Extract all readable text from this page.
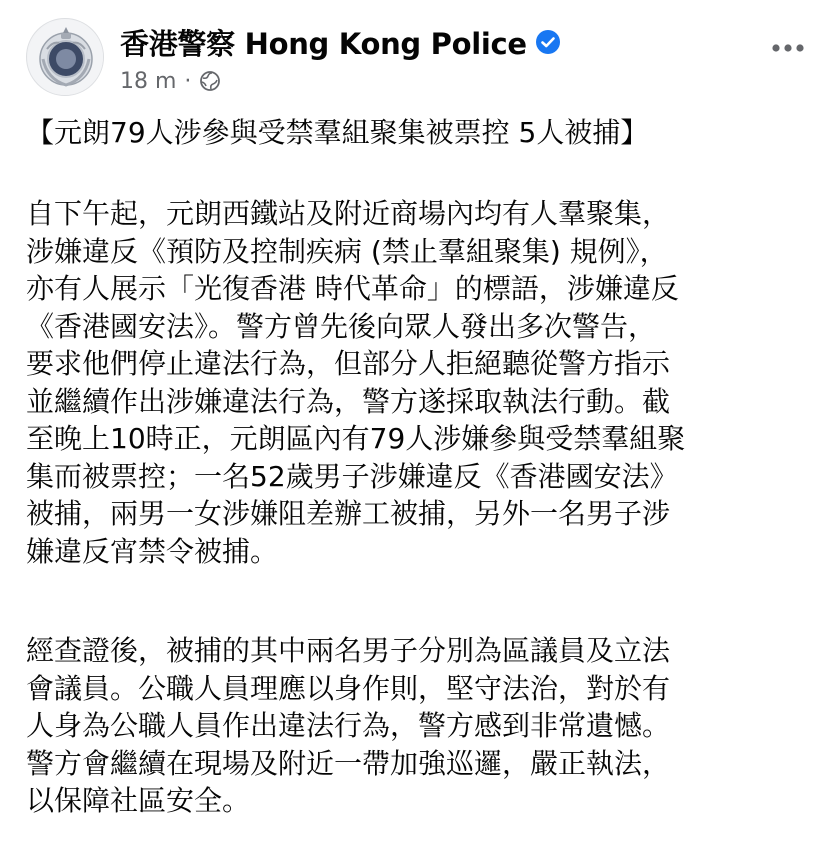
香港警察 Hong Kong Police
18 m ·
【元朗79人涉參與受禁羣組聚集被票控 5人被捕】
自下午起，元朗西鐵站及附近商場內均有人羣聚集，
涉嫌違反《預防及控制疾病 (禁止羣組聚集) 規例》，
亦有人展示「光復香港 時代革命」的標語，涉嫌違反
《香港國安法》。警方曾先後向眾人發出多次警告，
要求他們停止違法行為，但部分人拒絕聽從警方指示
並繼續作出涉嫌違法行為，警方遂採取執法行動。截
至晚上10時正，元朗區內有79人涉嫌參與受禁羣組聚
集而被票控；一名52歲男子涉嫌違反《香港國安法》
被捕，兩男一女涉嫌阻差辦工被捕，另外一名男子涉
嫌違反宵禁令被捕。
經查證後，被捕的其中兩名男子分別為區議員及立法
會議員。公職人員理應以身作則，堅守法治，對於有
人身為公職人員作出違法行為，警方感到非常遺憾。
警方會繼續在現場及附近一帶加強巡邏，嚴正執法，
以保障社區安全。
